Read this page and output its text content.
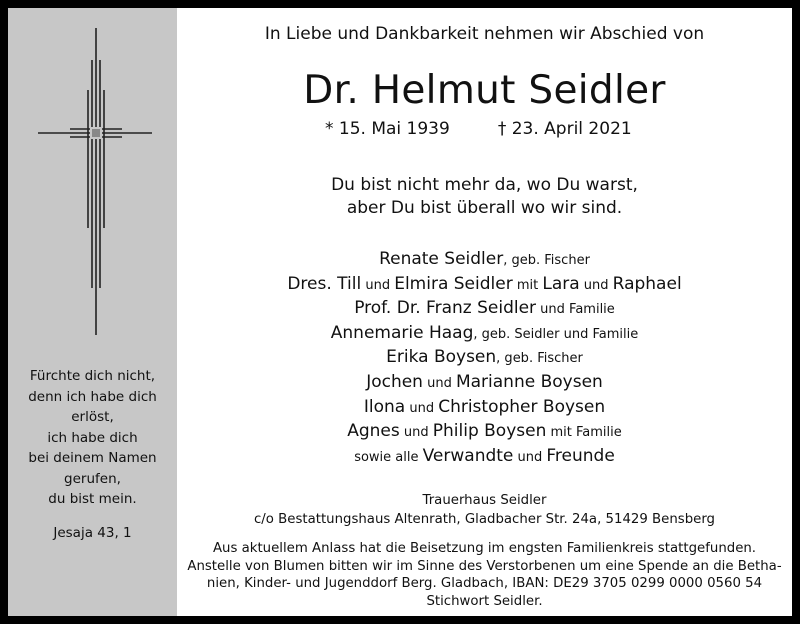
Fürchte dich nicht,
denn ich habe dich
erlöst,
ich habe dich
bei deinem Namen
gerufen,
du bist mein.
Jesaja 43, 1
In Liebe und Dankbarkeit nehmen wir Abschied von
Dr. Helmut Seidler
* 15. Mai 1939	† 23. April 2021
Du bist nicht mehr da, wo Du warst,
aber Du bist überall wo wir sind.
Renate Seidler, geb. Fischer
Dres. Till und Elmira Seidler mit Lara und Raphael
Prof. Dr. Franz Seidler und Familie
Annemarie Haag, geb. Seidler und Familie
Erika Boysen, geb. Fischer
Jochen und Marianne Boysen
Ilona und Christopher Boysen
Agnes und Philip Boysen mit Familie
sowie alle Verwandte und Freunde
Trauerhaus Seidler
c/o Bestattungshaus Altenrath, Gladbacher Str. 24a, 51429 Bensberg
Aus aktuellem Anlass hat die Beisetzung im engsten Familienkreis stattgefunden.
Anstelle von Blumen bitten wir im Sinne des Verstorbenen um eine Spende an die Betha-
nien, Kinder- und Jugenddorf Berg. Gladbach, IBAN: DE29 3705 0299 0000 0560 54
Stichwort Seidler.
